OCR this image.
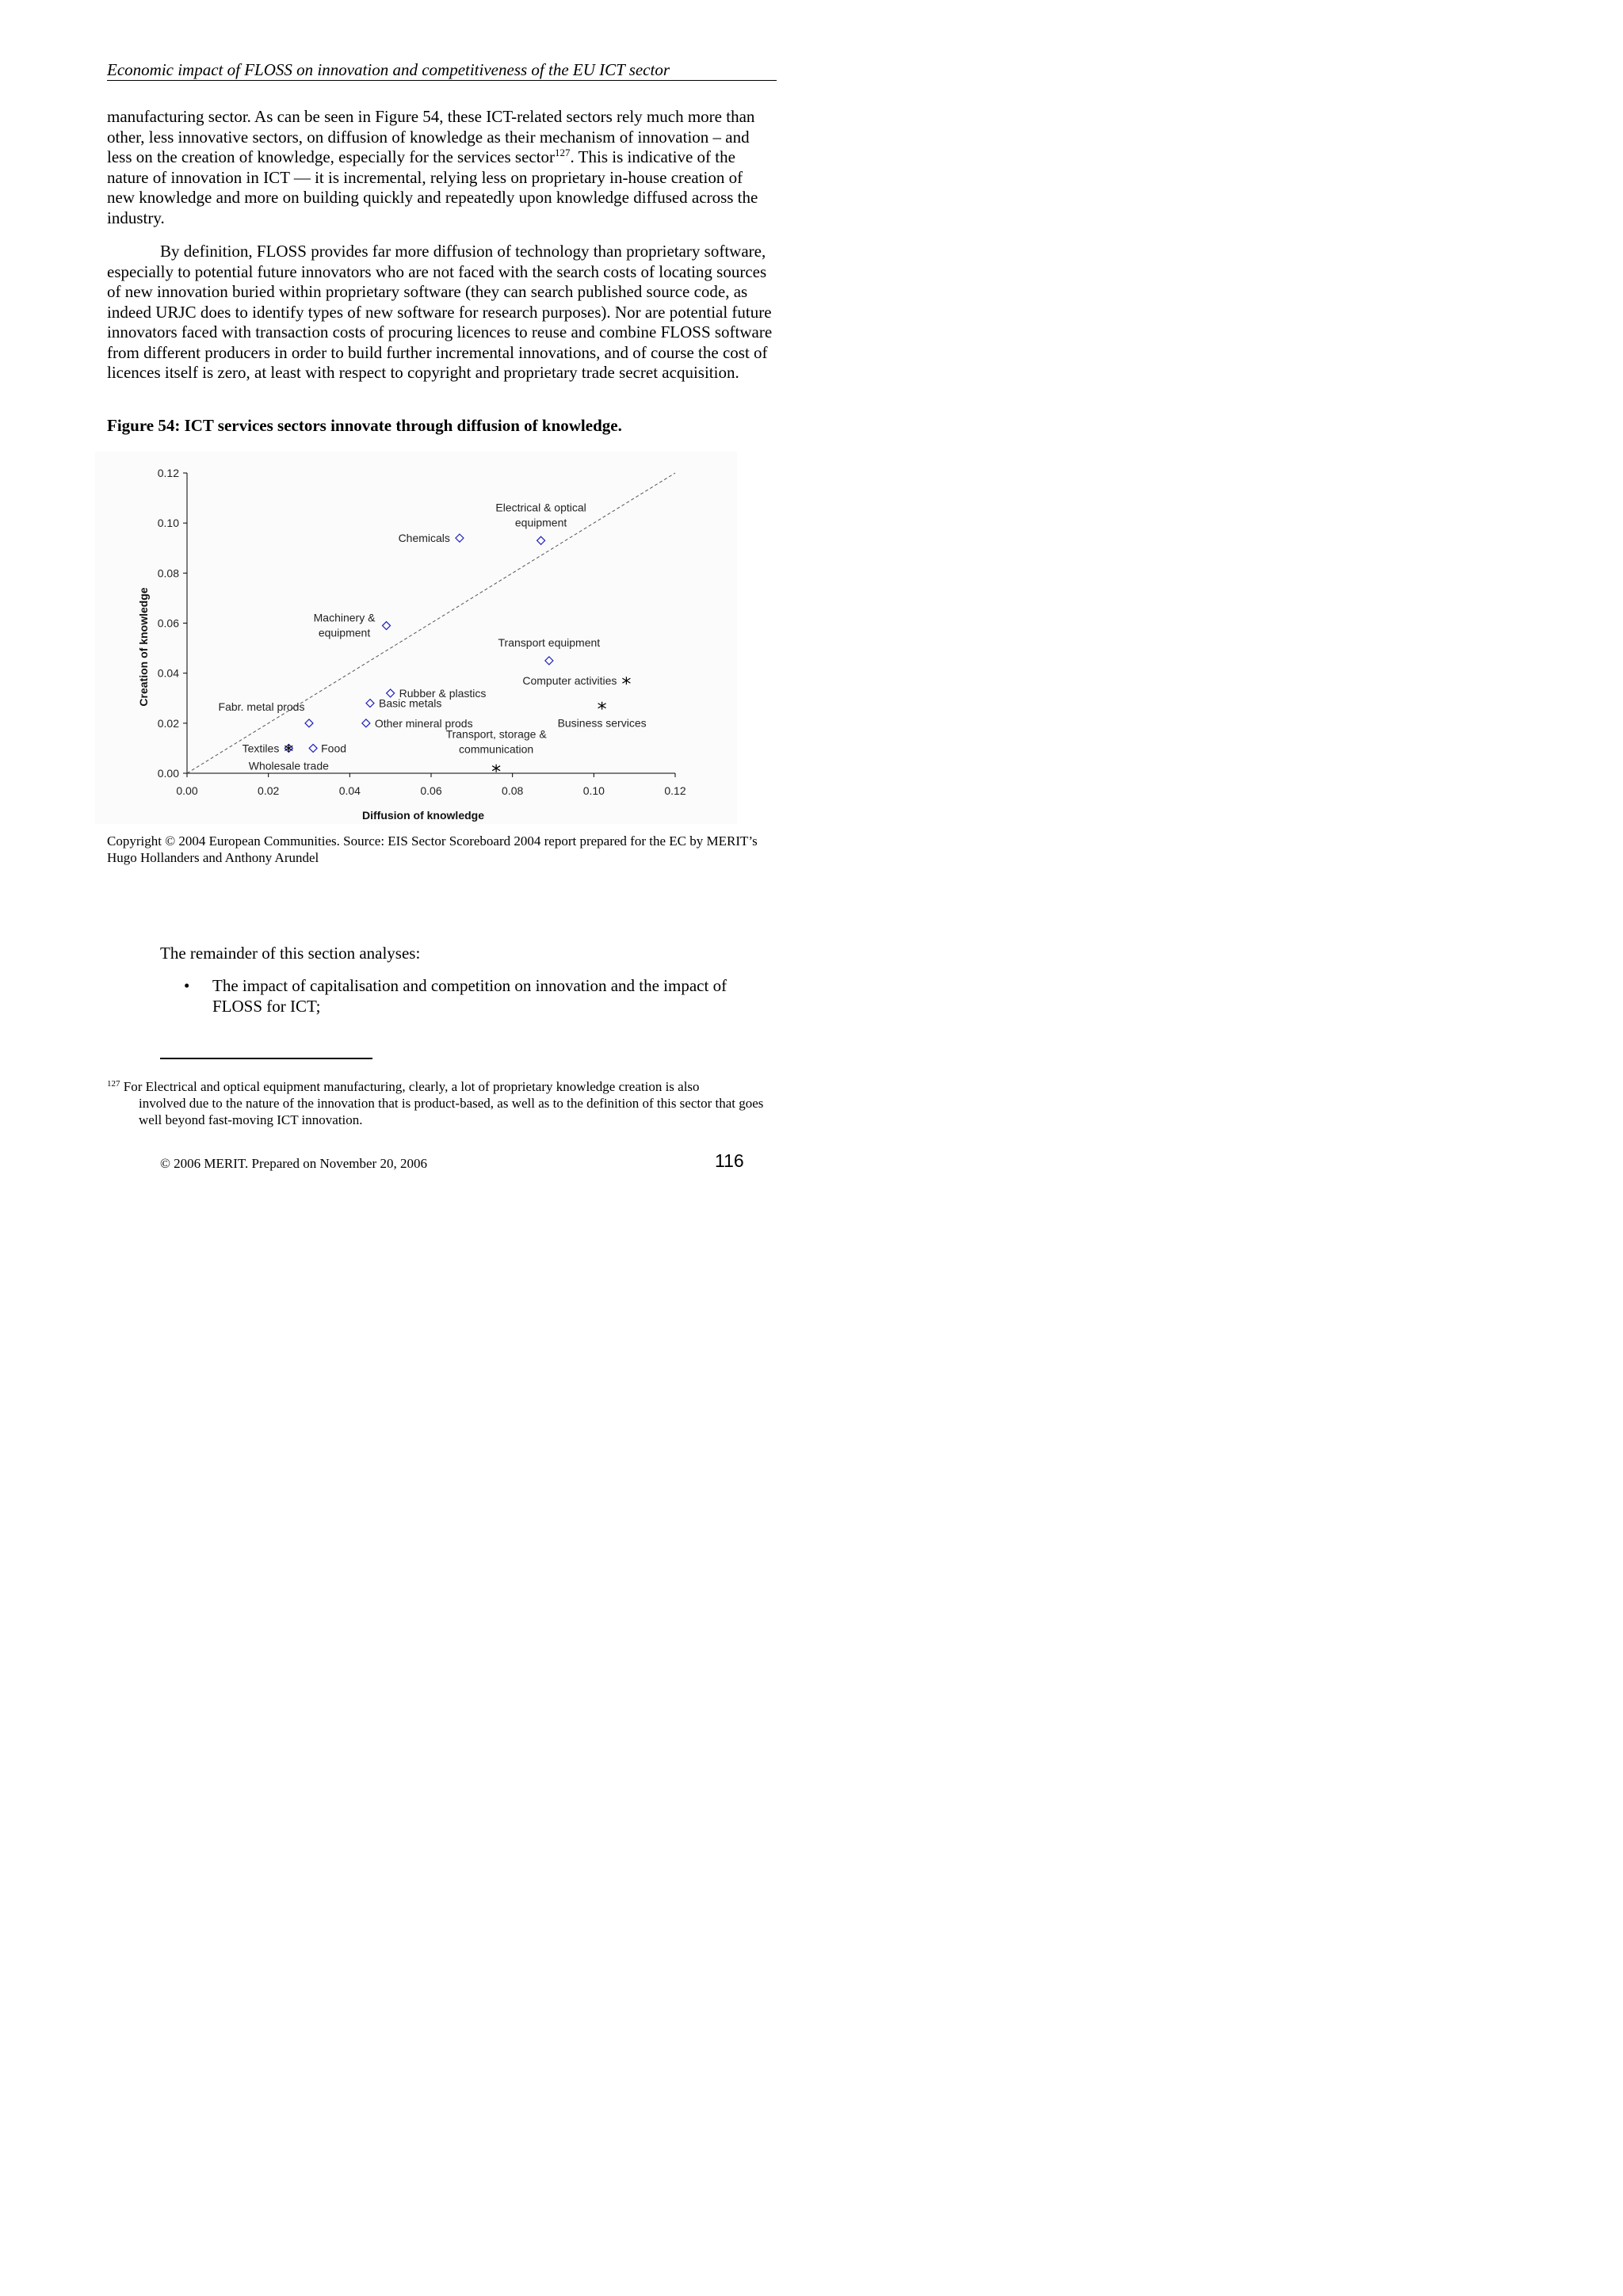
Economic impact of FLOSS on innovation and competitiveness of the EU ICT sector

manufacturing sector. As can be seen in Figure 54, these ICT-related sectors rely much more than other, less innovative sectors, on diffusion of knowledge as their mechanism of innovation – and less on the creation of knowledge, especially for the services sector$^{127}$. This is indicative of the nature of innovation in ICT — it is incremental, relying less on proprietary in-house creation of new knowledge and more on building quickly and repeatedly upon knowledge diffused across the industry.

By definition, FLOSS provides far more diffusion of technology than proprietary software, especially to potential future innovators who are not faced with the search costs of locating sources of new innovation buried within proprietary software (they can search published source code, as indeed URJC does to identify types of new software for research purposes). Nor are potential future innovators faced with transaction costs of procuring licences to reuse and combine FLOSS software from different producers in order to build further incremental innovations, and of course the cost of licences itself is zero, at least with respect to copyright and proprietary trade secret acquisition.

Figure 54: ICT services sectors innovate through diffusion of knowledge.
0.00
0.02
0.04
0.06
0.08
0.10
0.12
0.00	0.02	0.04	0.06	0.08	0.10	0.12
Diffusion of knowledge
Creation of knowledge
Chemicals
Electrical & optical
equipment
Machinery &
equipment
Transport equipment
Rubber & plastics
Basic metals
Fabr. metal prods
Other mineral prods
Textiles	Food
Computer activities
Business services
Transport, storage &
communication
Wholesale trade
Copyright © 2004 European Communities. Source: EIS Sector Scoreboard 2004 report prepared for the EC by MERIT’s Hugo Hollanders and Anthony Arundel
The remainder of this section analyses:
• The impact of capitalisation and competition on innovation and the impact of FLOSS for ICT;
$^{127}$ For Electrical and optical equipment manufacturing, clearly, a lot of proprietary knowledge creation is also
involved due to the nature of the innovation that is product-based, as well as to the definition of this sector that goes well beyond fast-moving ICT innovation.
© 2006 MERIT. Prepared on November 20, 2006	116
